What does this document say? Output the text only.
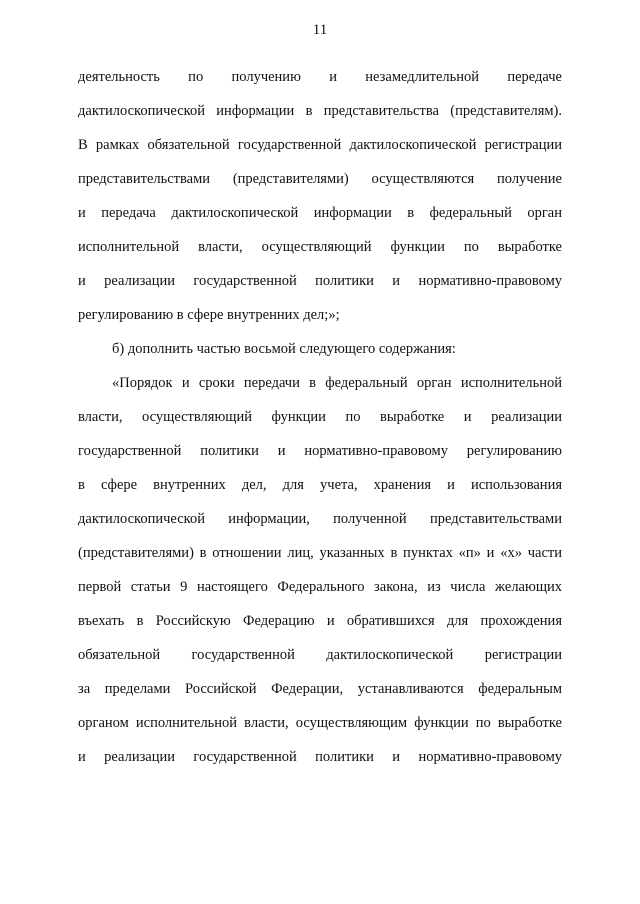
11
деятельность по получению и незамедлительной передаче
дактилоскопической информации в представительства (представителям).
В рамках обязательной государственной дактилоскопической регистрации
представительствами (представителями) осуществляются получение
и передача дактилоскопической информации в федеральный орган
исполнительной власти, осуществляющий функции по выработке
и реализации государственной политики и нормативно-правовому
регулированию в сфере внутренних дел;»;
б) дополнить частью восьмой следующего содержания:
«Порядок и сроки передачи в федеральный орган исполнительной
власти, осуществляющий функции по выработке и реализации
государственной политики и нормативно-правовому регулированию
в сфере внутренних дел, для учета, хранения и использования
дактилоскопической информации, полученной представительствами
(представителями) в отношении лиц, указанных в пунктах «п» и «х» части
первой статьи 9 настоящего Федерального закона, из числа желающих
въехать в Российскую Федерацию и обратившихся для прохождения
обязательной государственной дактилоскопической регистрации
за пределами Российской Федерации, устанавливаются федеральным
органом исполнительной власти, осуществляющим функции по выработке
и реализации государственной политики и нормативно-правовому
